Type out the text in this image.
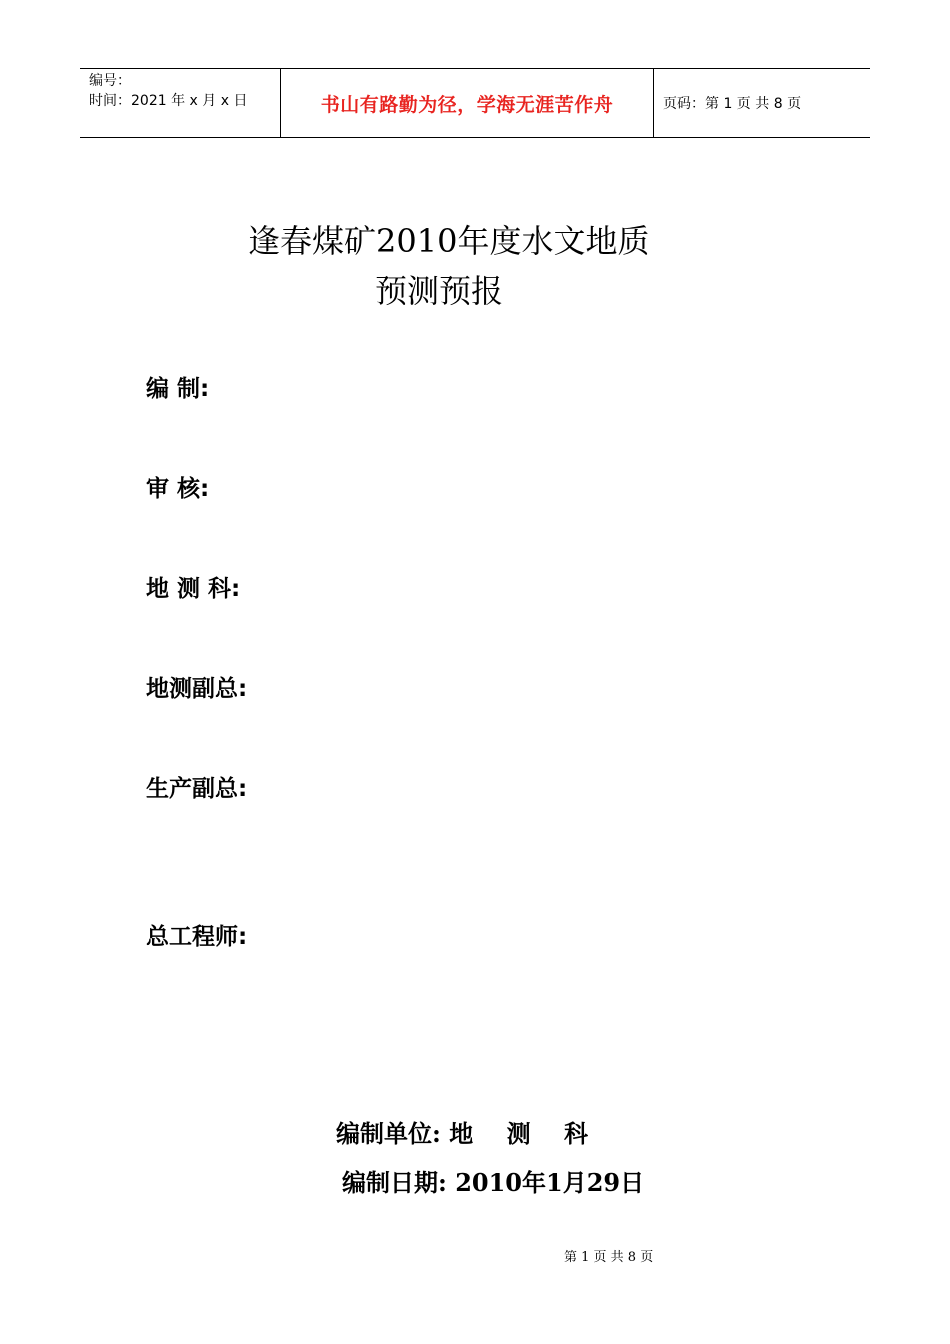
编号：
时间：2021 年 x 月 x 日	书山有路勤为径，学海无涯苦作舟	页码：第 1 页 共 8 页
逢春煤矿2010年度水文地质
预测预报
编 制:
审 核:
地 测 科:
地测副总:
生产副总:
总工程师:
编制单位: 地    测    科
编制日期: 2010年1月29日
第 1 页 共 8 页
